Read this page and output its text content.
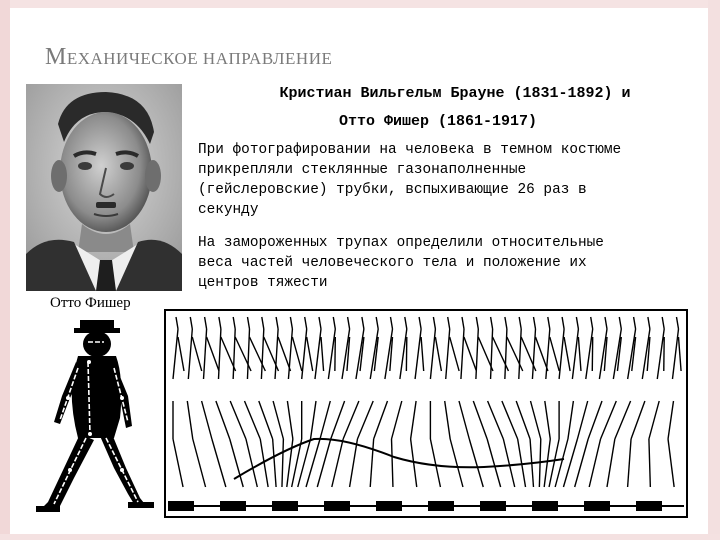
МЕХАНИЧЕСКОЕ НАПРАВЛЕНИЕ
Отто Фишер
Кристиан Вильгельм Брауне (1831-1892) и
Отто Фишер (1861-1917)
При фотографировании на человека в темном костюме
прикрепляли стеклянные газонаполненные
(гейслеровские) трубки, вспыхивающие 26 раз в
секунду
На замороженных трупах определили относительные
веса частей человеческого тела и положение их
центров тяжести
